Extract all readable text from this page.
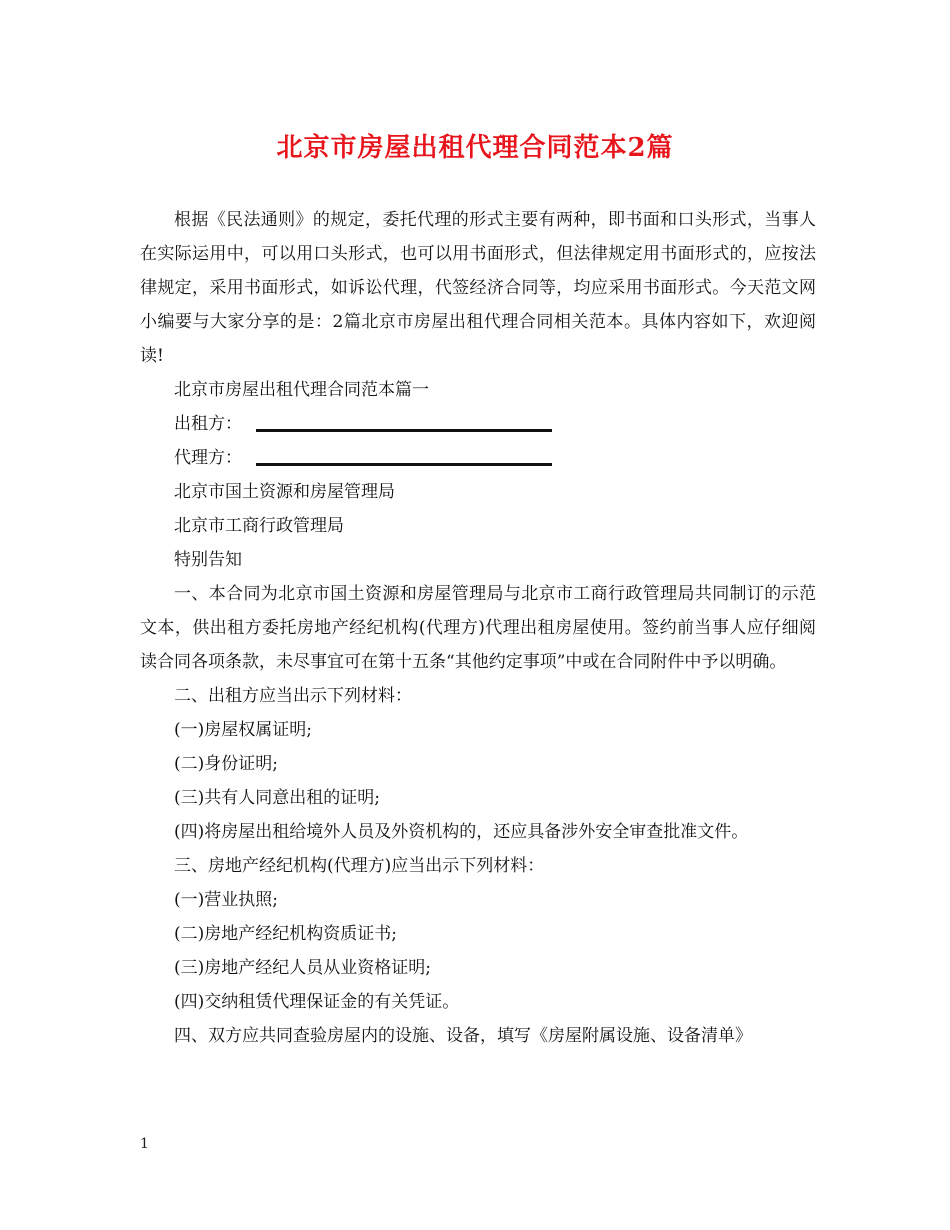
北京市房屋出租代理合同范本2篇

根据《民法通则》的规定，委托代理的形式主要有两种，即书面和口头形式，当事人在实际运用中，可以用口头形式，也可以用书面形式，但法律规定用书面形式的，应按法律规定，采用书面形式，如诉讼代理，代签经济合同等，均应采用书面形式。今天范文网小编要与大家分享的是：2篇北京市房屋出租代理合同相关范本。具体内容如下，欢迎阅读!

北京市房屋出租代理合同范本篇一

出租方：
代理方：

北京市国土资源和房屋管理局

北京市工商行政管理局

特别告知

一、本合同为北京市国土资源和房屋管理局与北京市工商行政管理局共同制订的示范文本，供出租方委托房地产经纪机构(代理方)代理出租房屋使用。签约前当事人应仔细阅读合同各项条款，未尽事宜可在第十五条“其他约定事项”中或在合同附件中予以明确。

二、出租方应当出示下列材料：

(一)房屋权属证明;

(二)身份证明;

(三)共有人同意出租的证明;

(四)将房屋出租给境外人员及外资机构的，还应具备涉外安全审查批准文件。

三、房地产经纪机构(代理方)应当出示下列材料：

(一)营业执照;

(二)房地产经纪机构资质证书;

(三)房地产经纪人员从业资格证明;

(四)交纳租赁代理保证金的有关凭证。

四、双方应共同查验房屋内的设施、设备，填写《房屋附属设施、设备清单》

1
